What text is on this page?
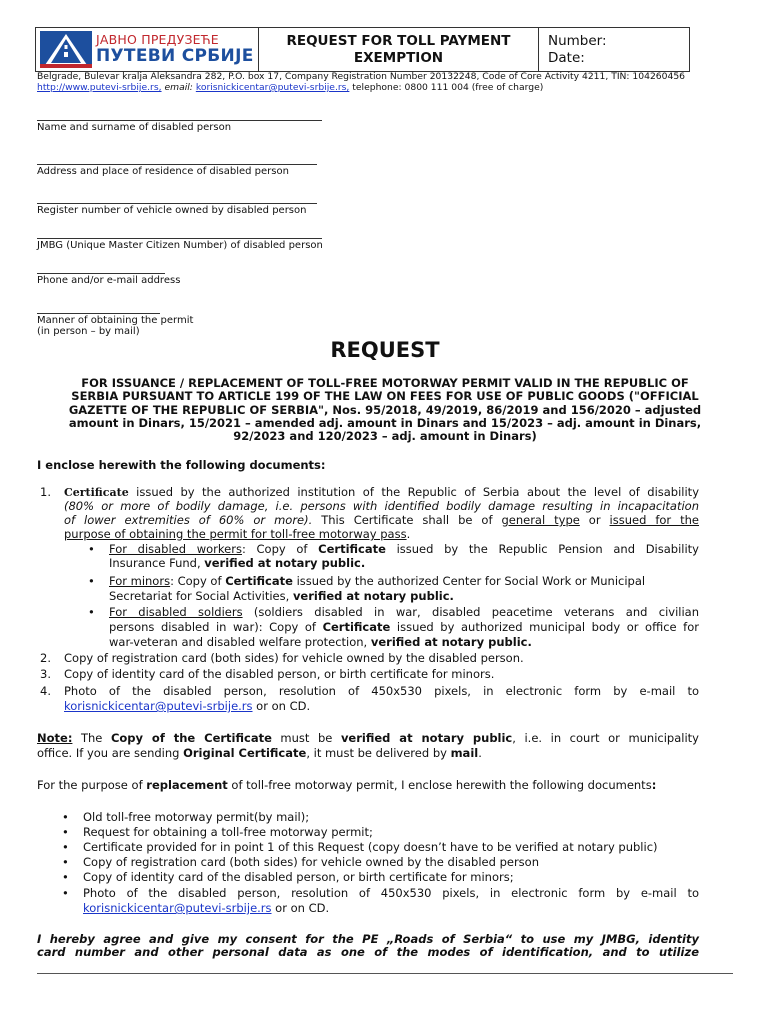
ЈАВНО ПРЕДУЗЕЋЕ
ПУТЕВИ СРБИЈЕ
REQUEST FOR TOLL PAYMENT
EXEMPTION
Number:
Date:
Belgrade, Bulevar kralja Aleksandra 282, P.O. box 17, Company Registration Number 20132248, Code of Core Activity 4211, TIN: 104260456
http://www.putevi-srbije.rs, email: korisnickicentar@putevi-srbije.rs, telephone: 0800 111 004 (free of charge)
Name and surname of disabled person
Address and place of residence of disabled person
Register number of vehicle owned by disabled person
JMBG (Unique Master Citizen Number) of disabled person
Phone and/or e-mail address
Manner of obtaining the permit
(in person – by mail)
REQUEST
FOR ISSUANCE / REPLACEMENT OF TOLL-FREE MOTORWAY PERMIT VALID IN THE REPUBLIC OF
SERBIA PURSUANT TO ARTICLE 199 OF THE LAW ON FEES FOR USE OF PUBLIC GOODS ("OFFICIAL
GAZETTE OF THE REPUBLIC OF SERBIA", Nos. 95/2018, 49/2019, 86/2019 and 156/2020 – adjusted
amount in Dinars, 15/2021 – amended adj. amount in Dinars and 15/2023 – adj. amount in Dinars,
92/2023 and 120/2023 – adj. amount in Dinars)
I enclose herewith the following documents:
1. Certificate issued by the authorized institution of the Republic of Serbia about the level of disability
(80% or more of bodily damage, i.e. persons with identified bodily damage resulting in incapacitation
of lower extremities of 60% or more). This Certificate shall be of general type or issued for the
purpose of obtaining the permit for toll-free motorway pass.
• For disabled workers: Copy of Certificate issued by the Republic Pension and Disability
Insurance Fund, verified at notary public.
• For minors: Copy of Certificate issued by the authorized Center for Social Work or Municipal
Secretariat for Social Activities, verified at notary public.
• For disabled soldiers (soldiers disabled in war, disabled peacetime veterans and civilian
persons disabled in war): Copy of Certificate issued by authorized municipal body or office for
war-veteran and disabled welfare protection, verified at notary public.
2. Copy of registration card (both sides) for vehicle owned by the disabled person.
3. Copy of identity card of the disabled person, or birth certificate for minors.
4. Photo of the disabled person, resolution of 450x530 pixels, in electronic form by e-mail to
korisnickicentar@putevi-srbije.rs or on CD.
Note: The Copy of the Certificate must be verified at notary public, i.e. in court or municipality
office. If you are sending Original Certificate, it must be delivered by mail.
For the purpose of replacement of toll-free motorway permit, I enclose herewith the following documents:
• Old toll-free motorway permit(by mail);
• Request for obtaining a toll-free motorway permit;
• Certificate provided for in point 1 of this Request (copy doesn’t have to be verified at notary public)
• Copy of registration card (both sides) for vehicle owned by the disabled person
• Copy of identity card of the disabled person, or birth certificate for minors;
• Photo of the disabled person, resolution of 450x530 pixels, in electronic form by e-mail to
korisnickicentar@putevi-srbije.rs or on CD.
I hereby agree and give my consent for the PE „Roads of Serbia“ to use my JMBG, identity
card number and other personal data as one of the modes of identification, and to utilize
